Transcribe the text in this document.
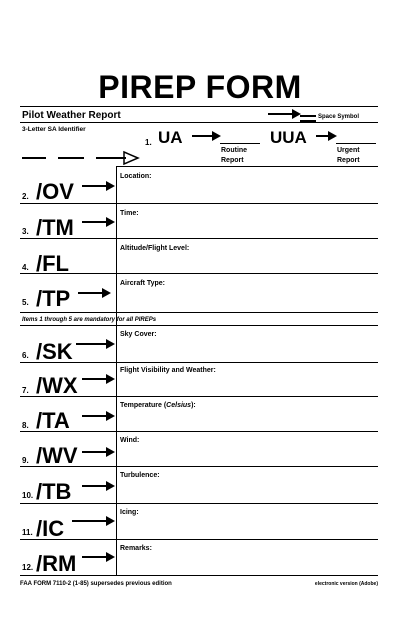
PIREP FORM
Pilot Weather Report	Space Symbol
3-Letter SA Identifier
1. UA
Routine
Report
UUA
Urgent
Report
Items 1 through 5 are mandatory for all PIREPs
2. /OV
Location:
3. /TM
Time:
4. /FL
Altitude/Flight Level:
5. /TP
Aircraft Type:
6. /SK
Sky Cover:
7. /WX
Flight Visibility and Weather:
8. /TA
Temperature (Celsius):
9. /WV
Wind:
10. /TB
Turbulence:
11. /IC
Icing:
12. /RM
Remarks:
FAA FORM 7110-2 (1-85) supersedes previous edition	electronic version (Adobe)
